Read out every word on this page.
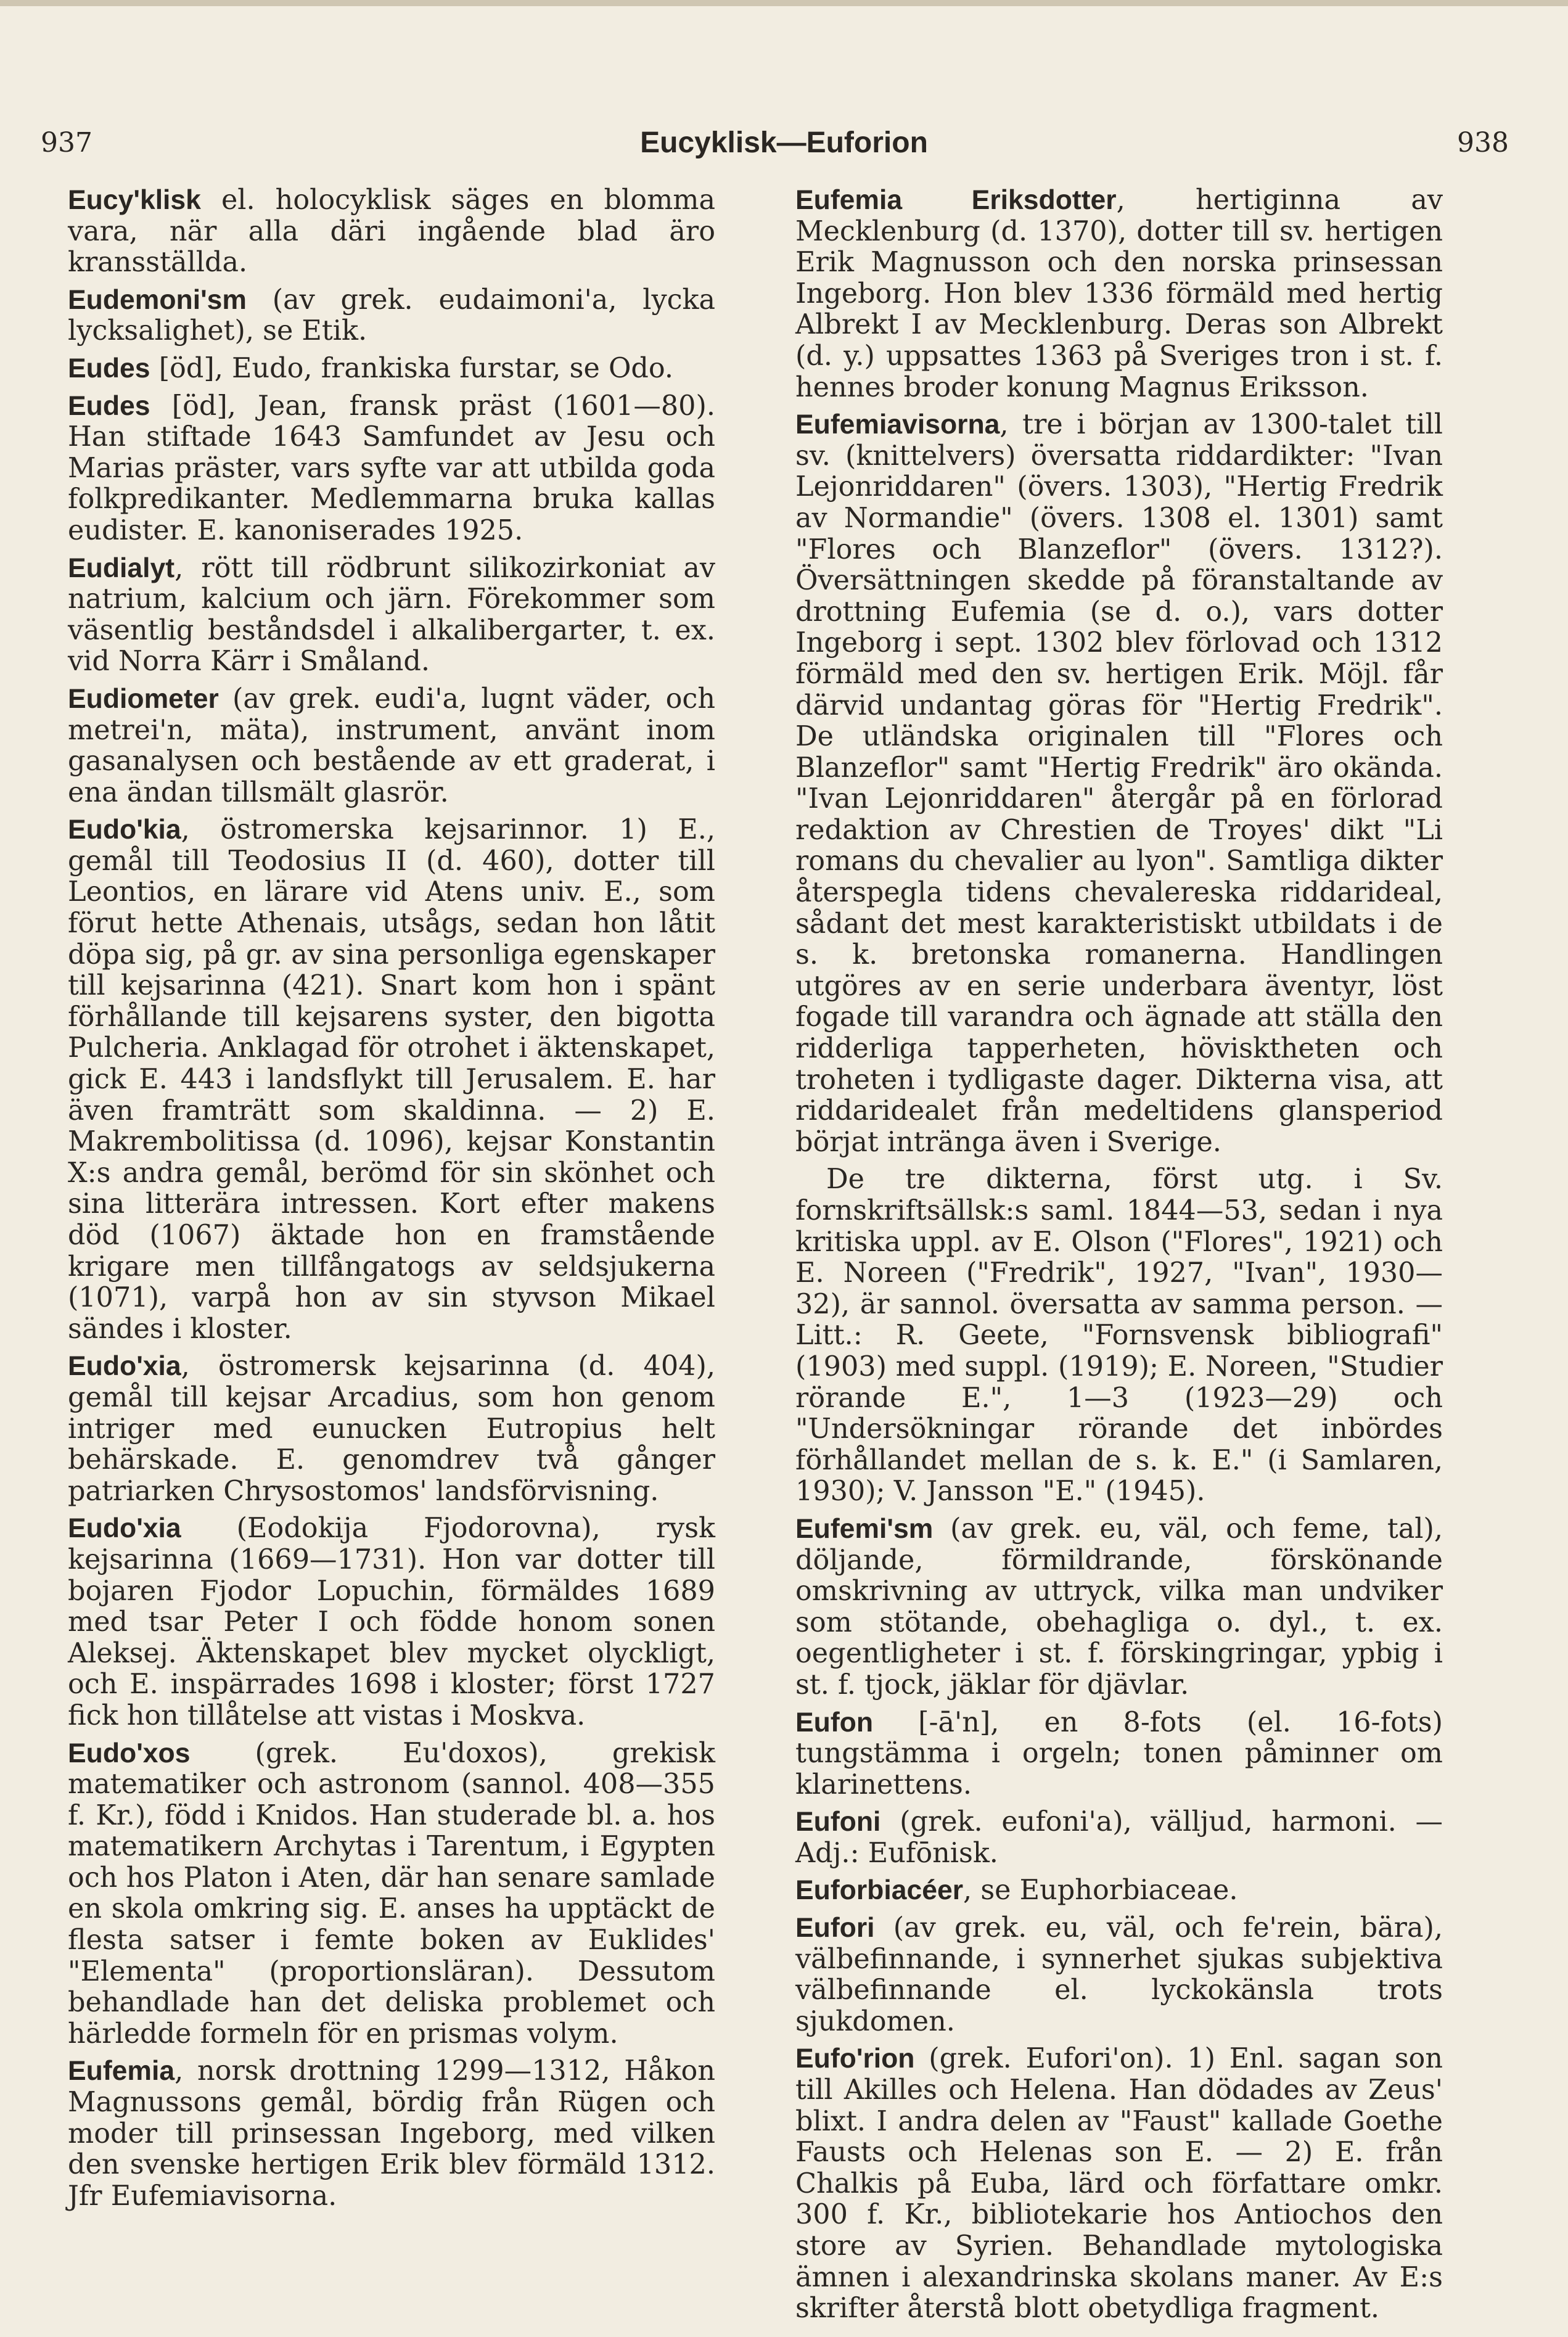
937	Eucyklisk—Euforion	938

Eucy'klisk el. holocyklisk säges en blomma vara, när alla däri ingående blad äro kransställda.

Eudemoni'sm (av grek. eudaimoni'a, lycka lycksalighet), se Etik.

Eudes [ӧd], Eudo, frankiska furstar, se Odo.

Eudes [ӧd], Jean, fransk präst (1601—80). Han stiftade 1643 Samfundet av Jesu och Marias präster, vars syfte var att utbilda goda folkpredikanter. Medlemmarna bruka kallas eudister. E. kanoniserades 1925.

Eudialyt, rött till rödbrunt silikozirkoniat av natrium, kalcium och järn. Förekommer som väsentlig beståndsdel i alkalibergarter, t. ex. vid Norra Kärr i Småland.

Eudiometer (av grek. eudi'a, lugnt väder, och metrei'n, mäta), instrument, använt inom gasanalysen och bestående av ett graderat, i ena ändan tillsmält glasrör.

Eudo'kia, östromerska kejsarinnor. 1) E., gemål till Teodosius II (d. 460), dotter till Leontios, en lärare vid Atens univ. E., som förut hette Athenais, utsågs, sedan hon låtit döpa sig, på gr. av sina personliga egenskaper till kejsarinna (421). Snart kom hon i spänt förhållande till kejsarens syster, den bigotta Pulcheria. Anklagad för otrohet i äktenskapet, gick E. 443 i landsflykt till Jerusalem. E. har även framträtt som skaldinna. — 2) E. Makrembolitissa (d. 1096), kejsar Konstantin X:s andra gemål, berömd för sin skönhet och sina litterära intressen. Kort efter makens död (1067) äktade hon en framstående krigare men tillfångatogs av seldsjukerna (1071), varpå hon av sin styvson Mikael sändes i kloster.

Eudo'xia, östromersk kejsarinna (d. 404), gemål till kejsar Arcadius, som hon genom intriger med eunucken Eutropius helt behärskade. E. genomdrev två gånger patriarken Chrysostomos' landsförvisning.

Eudo'xia (Eodokija Fjodorovna), rysk kejsarinna (1669—1731). Hon var dotter till bojaren Fjodor Lopuchin, förmäldes 1689 med tsar Peter I och födde honom sonen Aleksej. Äktenskapet blev mycket olyckligt, och E. inspärrades 1698 i kloster; först 1727 fick hon tillåtelse att vistas i Moskva.

Eudo'xos (grek. Eu'doxos), grekisk matematiker och astronom (sannol. 408—355 f. Kr.), född i Knidos. Han studerade bl. a. hos matematikern Archytas i Tarentum, i Egypten och hos Platon i Aten, där han senare samlade en skola omkring sig. E. anses ha upptäckt de flesta satser i femte boken av Euklides' "Elementa" (proportionsläran). Dessutom behandlade han det deliska problemet och härledde formeln för en prismas volym.

Eufemia, norsk drottning 1299—1312, Håkon Magnussons gemål, bördig från Rügen och moder till prinsessan Ingeborg, med vilken den svenske hertigen Erik blev förmäld 1312. Jfr Eufemiavisorna.

Eufemia Eriksdotter, hertiginna av Mecklenburg (d. 1370), dotter till sv. hertigen Erik Magnusson och den norska prinsessan Ingeborg. Hon blev 1336 förmäld med hertig Albrekt I av Mecklenburg. Deras son Albrekt (d. y.) uppsattes 1363 på Sveriges tron i st. f. hennes broder konung Magnus Eriksson.

Eufemiavisorna, tre i början av 1300-talet till sv. (knittelvers) översatta riddardikter: "Ivan Lejonriddaren" (övers. 1303), "Hertig Fredrik av Normandie" (övers. 1308 el. 1301) samt "Flores och Blanzeflor" (övers. 1312?). Översättningen skedde på föranstaltande av drottning Eufemia (se d. o.), vars dotter Ingeborg i sept. 1302 blev förlovad och 1312 förmäld med den sv. hertigen Erik. Möjl. får därvid undantag göras för "Hertig Fredrik". De utländska originalen till "Flores och Blanzeflor" samt "Hertig Fredrik" äro okända. "Ivan Lejonriddaren" återgår på en förlorad redaktion av Chrestien de Troyes' dikt "Li romans du chevalier au lyon". Samtliga dikter återspegla tidens chevalereska riddarideal, sådant det mest karakteristiskt utbildats i de s. k. bretonska romanerna. Handlingen utgöres av en serie underbara äventyr, löst fogade till varandra och ägnade att ställa den ridderliga tapperheten, hövisktheten och troheten i tydligaste dager. Dikterna visa, att riddaridealet från medeltidens glansperiod börjat intränga även i Sverige.

De tre dikterna, först utg. i Sv. fornskriftsällsk:s saml. 1844—53, sedan i nya kritiska uppl. av E. Olson ("Flores", 1921) och E. Noreen ("Fredrik", 1927, "Ivan", 1930—32), är sannol. översatta av samma person. — Litt.: R. Geete, "Fornsvensk bibliografi" (1903) med suppl. (1919); E. Noreen, "Studier rörande E.", 1—3 (1923—29) och "Undersökningar rörande det inbördes förhållandet mellan de s. k. E." (i Samlaren, 1930); V. Jansson "E." (1945).

Eufemi'sm (av grek. eu, väl, och feme, tal), döljande, förmildrande, förskönande omskrivning av uttryck, vilka man undviker som stötande, obehagliga o. dyl., t. ex. oegentligheter i st. f. förskingringar, ypbig i st. f. tjock, jäklar för djävlar.

Eufon [-ā'n], en 8-fots (el. 16-fots) tungstämma i orgeln; tonen påminner om klarinettens.

Eufoni (grek. eufoni'a), välljud, harmoni. — Adj.: Eufōnisk.

Euforbiacéer, se Euphorbiaceae.

Eufori (av grek. eu, väl, och fe'rein, bära), välbefinnande, i synnerhet sjukas subjektiva välbefinnande el. lyckokänsla trots sjukdomen.

Eufo'rion (grek. Eufori'on). 1) Enl. sagan son till Akilles och Helena. Han dödades av Zeus' blixt. I andra delen av "Faust" kallade Goethe Fausts och Helenas son E. — 2) E. från Chalkis på Euba, lärd och författare omkr. 300 f. Kr., bibliotekarie hos Antiochos den store av Syrien. Behandlade mytologiska ämnen i alexandrinska skolans maner. Av E:s skrifter återstå blott obetydliga fragment.
